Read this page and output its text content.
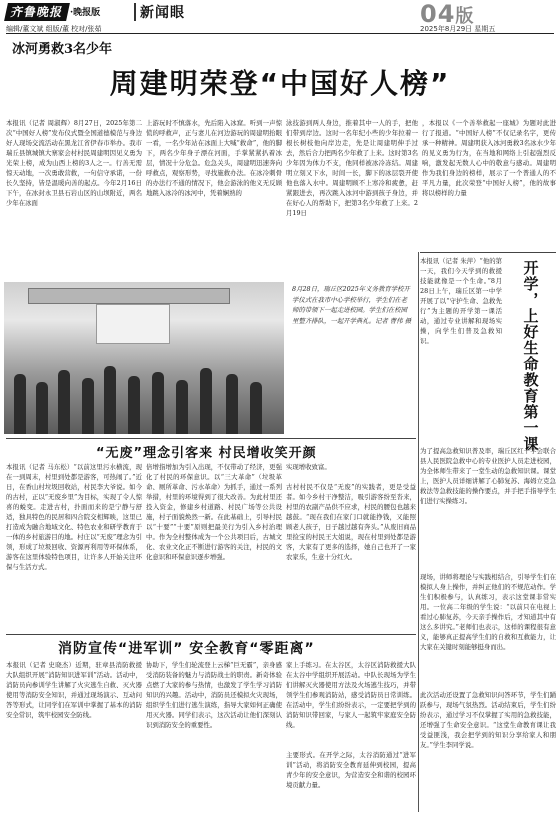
齐鲁晚报 ·晚报版	新闻眼
编辑/董文斌 组版/董 校对/张茹
04版
2025年8月29日 星期五
冰河勇救3名少年
周建明荣登“中国好人榜”
本报讯（记者 周淑辉）8月27日，2025年第二次“中国好人榜”发布仪式暨全国道德模范与身边好人现场交流活动在黑龙江省伊春市举办。我市瑞丘县镇城镇大寨家会村村民周建明因见义勇为光荣上榜，成为山西上榜的3人之一。行善无需惊天动地，一次勇敢营救，一句信守承诺，一份长久坚持，皆是温暖向善的起点。今年2月16日下午，在冰封永卫县石岩山区的山坝附近，两名少年在冰面
上游玩时不慎落水，先后陷入冰窟。听到一声惊慌的呼救声，正与妻儿在河边游玩的周建明抬眼一看，一名少年站在冰面上大喊“救命”，他的脚下，两名少年身子漂在河面，手掌紧紧扒着冰层，情况十分危急。危急关头，周建明迅速奔向呼救点，观察形势，寻找施救办法。在冰冷刺骨的办法行不通的情况下，他会游泳的他义无反顾地跳入冰冷的冰河中，凭着娴熟的
泳技游到两人身边，推着其中一人的手，把他们带到岸边。这时一名年纪小些的少年拉着一根长树枝他向岸边走，先是让周建明伸手过去，然后合力把两名少年救了上来。这时第3名少年因为体力不支，他同样被冰冷冻结。周建明立刻又下水，时间一长，脚下的冰层裂开使他也落入水中。周建明顾不上寒冷和疲惫，赶紧跟进去，再次跳入冰河中游到孩子身边，并在好心人的帮助下，把第3名少年救了上来。2月19日
，本报以《一个善举救起一座城》为题对此进行了报道。“中国好人榜”不仅记录名字，更传承一种精神。周建明获入冰河勇救3名冰水少年的见义勇为行为，在当地和网络上引起强烈反响，激发起无数人心中的敬意与感动。周建明作为我们身边的榜样，展示了一个普通人的不平凡力量，此次荣登“中国好人榜”，他的故事将以榜样的力量
8月28日，瑞丘区2025年义务教育学校开学仪式在我市中心学校举行，学生们在老师的带领下一起走进校园。学生们在校园里整齐排队，一起开学典礼。记者 曹伟 摄
本报讯（记者 朱萍）“他的第一天，我们今天学到的救援技能就像是一个生命。”8月28日上午，瑞丘区第一中学开展了以“守护生命、急救先行”为主题的开学第一课活动，通过专业讲解和现场实操，向学生们普及急救知识。	开学，上好生命教育第一课
为了提高急救知识普及率，瑞丘区红十字会联合县人民医院急救中心的专业医护人员走进校园，为全体师生带来了一堂生动的急救知识课。课堂上，医护人员详细讲解了心肺复苏、海姆立克急救法等急救技能的操作要点，并手把手指导学生们进行实操练习。
现场，讲师将理论与实践相结合，引导学生们在模拟人身上操作，并纠正他们的不规范动作。学生们积极参与，认真练习，表示这堂课非常实用。一位高二年级的学生说：“以前只在电视上看过心肺复苏，今天亲手操作后，才知道其中有这么多讲究。”老师们也表示，这样的课程很有意义，能够真正提高学生们的自救和互救能力，让大家在关键时刻能够挺身而出。
此次活动还设置了急救知识问答环节，学生们踊跃参与，现场气氛热烈。活动结束后，学生们纷纷表示，通过学习不仅掌握了实用的急救技能，还增强了生命安全意识。“这堂生命教育课让我受益匪浅，我会把学到的知识分享给家人和朋友。”学生李同学说。
“无废”理念引客来 村民增收笑开颜
本报讯（记者 马东松）“以前这里污水横流，现在一到周末，村里到处都是游客，可热闹了。”近日，在香山村垃圾回收站，村民李大爷说。如今的古村，正以“无废乡里”为目标，实现了令人惊喜的蜕变。走进古村，扑面而来的是宁静与舒适，独具特色的民居和四合院交相辉映，这里已打造成为融合地域文化、特色农业和研学教育于一体的乡村旅游目的地。村庄以“无废”理念为引领，形成了垃圾回收、资源再利用等环保体系，游客在这里体验特色项目，让许多人开始关注环保与生活方式。
倍增指增加为引入出现，不仅带动了经济，更强化了村民的环保意识。以“三大革命”（垃圾革命、厕所革命、污水革命）为抓手，通过一系列举措，村里的环境得到了很大改善。为此村里还投入资金，修建乡村道路、村民广场等公共设施，村子面貌焕然一新。在此基础上，引导村民以“十要”“十要”原则把最美行为引入乡村治理中。作为全村整体成为一个公共项目后，古城文化、农业文化正不断进行游客的关注，村民的文化意识和环保意识逐步增强。
实现增收致富。
古村村民不仅是“无废”的实践者，更是受益者。如今乡村干净整洁，吸引游客纷至沓来，村里的农副产品供不应求，村民的腰包也越来越鼓。“现在我们在家门口就能挣钱，又能照顾老人孩子，日子越过越有奔头。”从废旧商品里捡宝的村民王大姐说，现在村里到处都是游客，大家有了更多的选择，她自己也开了一家农家乐，生意十分红火。
消防宣传“进军训” 安全教育“零距离”
本报讯（记者 史晓杰）近期，驻章县消防救援大队组织开展“消防知识进军训”活动。活动中，消防员向参训学生讲解了火灾逃生自救、灭火器使用等消防安全知识，并通过现场演示、互动问答等形式，让同学们在军训中掌握了基本的消防安全常识，筑牢校园安全防线。
协助下，学生们轮流登上云梯“巨无霸”，亲身感受消防装备的魅力与消防战士的职责。新奇体验点燃了大家的参与热情，也激发了学生学习消防知识的兴趣。活动中，消防员还模拟火灾现场，组织学生们进行逃生演练，指导大家如何正确使用灭火器。同学们表示，这次活动让他们深刻认识到消防安全的重要性。
家上手练习。在太谷区，太谷区消防救援大队在太谷中学组织开展活动。中队长现场为学生们讲解灭火器使用方法及火场逃生技巧，并带领学生们参观消防站，感受消防员日常训练。在活动中，学生们纷纷表示，一定要把学到的消防知识带回家，与家人一起筑牢家庭安全防线。
主要形式。在开学之际，太谷消防通过“进军训”活动，将消防安全教育延伸到校园，提高青少年的安全意识，为营造安全和谐的校园环境贡献力量。
